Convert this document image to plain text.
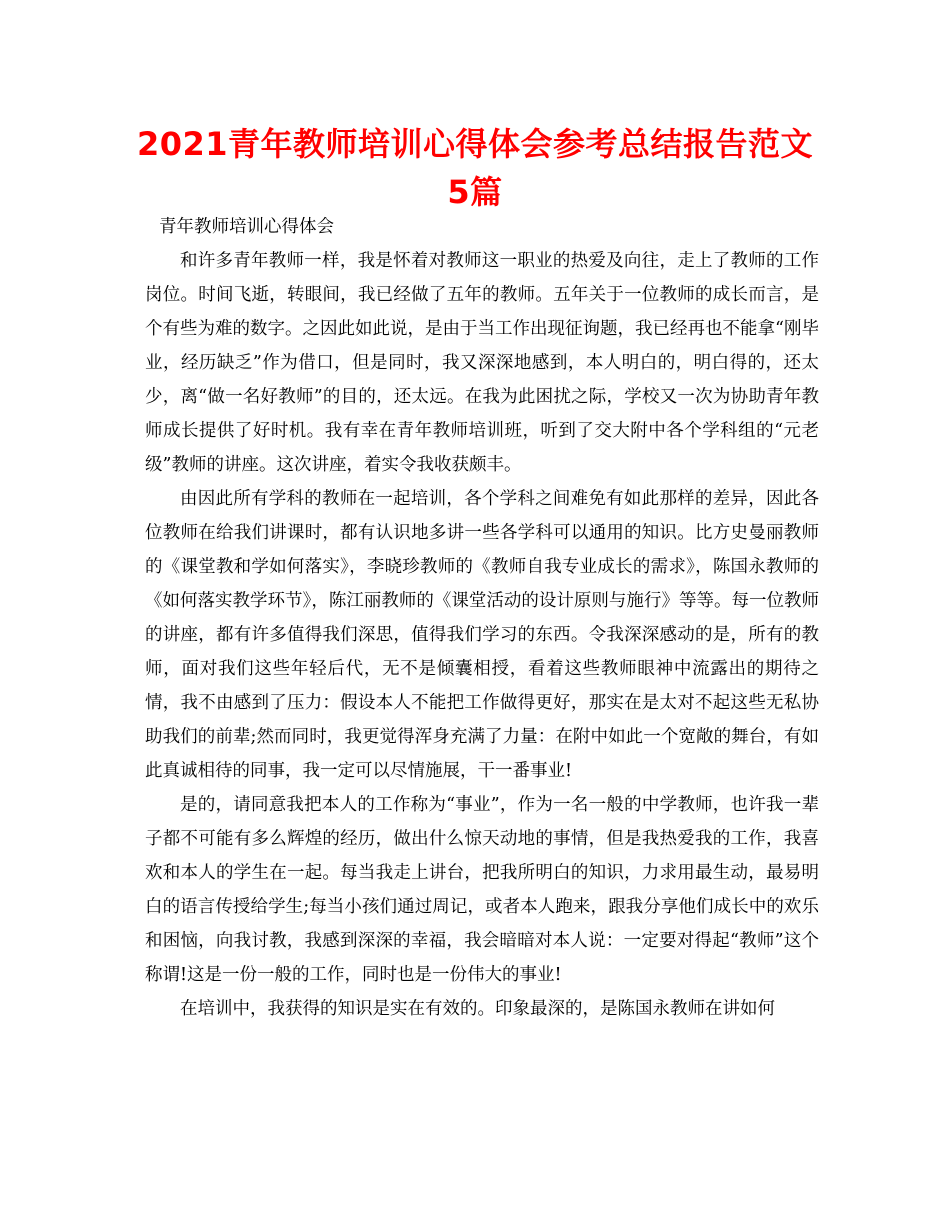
2021青年教师培训心得体会参考总结报告范文5篇

青年教师培训心得体会

和许多青年教师一样，我是怀着对教师这一职业的热爱及向往，走上了教师的工作岗位。时间飞逝，转眼间，我已经做了五年的教师。五年关于一位教师的成长而言，是个有些为难的数字。之因此如此说，是由于当工作出现征询题，我已经再也不能拿“刚毕业，经历缺乏”作为借口，但是同时，我又深深地感到，本人明白的，明白得的，还太少，离“做一名好教师”的目的，还太远。在我为此困扰之际，学校又一次为协助青年教师成长提供了好时机。我有幸在青年教师培训班，听到了交大附中各个学科组的“元老级”教师的讲座。这次讲座，着实令我收获颇丰。

由因此所有学科的教师在一起培训，各个学科之间难免有如此那样的差异，因此各位教师在给我们讲课时，都有认识地多讲一些各学科可以通用的知识。比方史曼丽教师的《课堂教和学如何落实》，李晓珍教师的《教师自我专业成长的需求》，陈国永教师的《如何落实教学环节》，陈江丽教师的《课堂活动的设计原则与施行》等等。每一位教师的讲座，都有许多值得我们深思，值得我们学习的东西。令我深深感动的是，所有的教师，面对我们这些年轻后代，无不是倾囊相授，看着这些教师眼神中流露出的期待之情，我不由感到了压力：假设本人不能把工作做得更好，那实在是太对不起这些无私协助我们的前辈;然而同时，我更觉得浑身充满了力量：在附中如此一个宽敞的舞台，有如此真诚相待的同事，我一定可以尽情施展，干一番事业!

是的，请同意我把本人的工作称为“事业”，作为一名一般的中学教师，也许我一辈子都不可能有多么辉煌的经历，做出什么惊天动地的事情，但是我热爱我的工作，我喜欢和本人的学生在一起。每当我走上讲台，把我所明白的知识，力求用最生动，最易明白的语言传授给学生;每当小孩们通过周记，或者本人跑来，跟我分享他们成长中的欢乐和困恼，向我讨教，我感到深深的幸福，我会暗暗对本人说：一定要对得起“教师”这个称谓!这是一份一般的工作，同时也是一份伟大的事业!

在培训中，我获得的知识是实在有效的。印象最深的，是陈国永教师在讲如何
